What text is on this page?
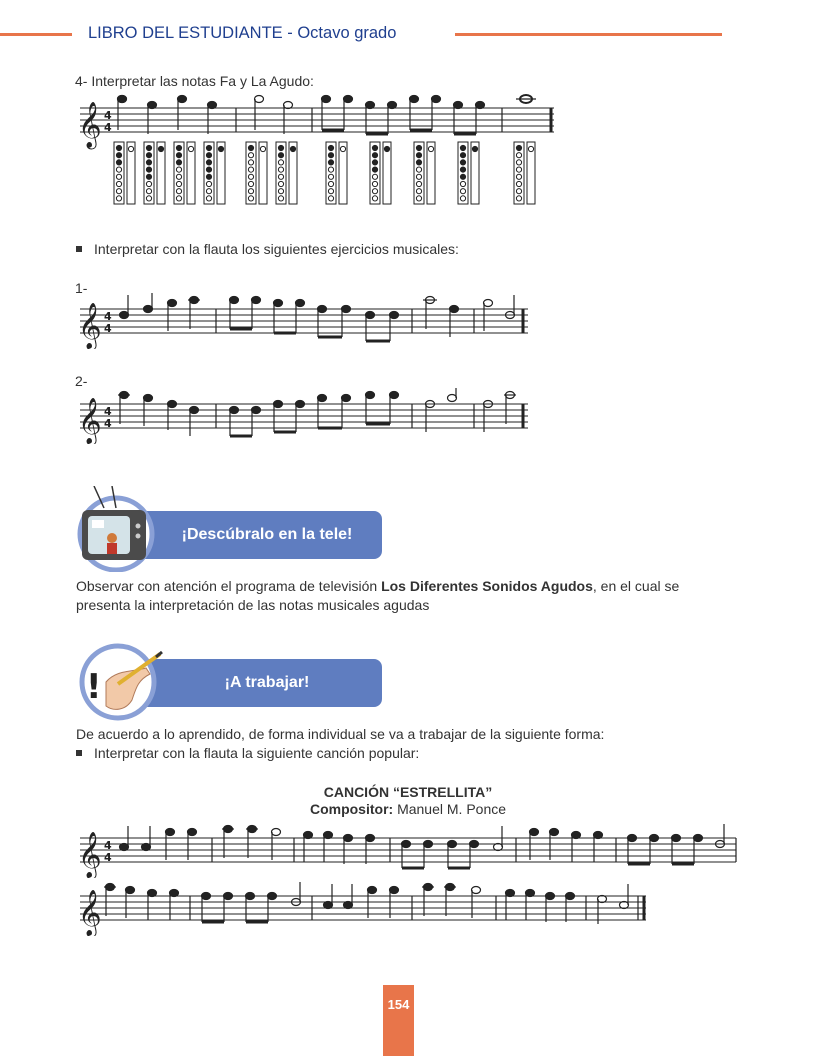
LIBRO DEL ESTUDIANTE - Octavo grado
4- Interpretar las notas Fa y La Agudo:
𝄞 4
4
Interpretar con la flauta los siguientes ejercicios musicales:
1-
𝄞 4
4
2-
𝄞 4
4
¡Descúbralo en la tele!
Observar con atención el programa de televisión Los Diferentes Sonidos Agudos, en el cual se presenta la interpretación de las notas musicales agudas
¡A trabajar!
!
De acuerdo a lo aprendido, de forma individual se va a trabajar de la siguiente forma:
Interpretar con la flauta la siguiente canción popular:
CANCIÓN “ESTRELLITA”
Compositor: Manuel M. Ponce
𝄞 4
4
𝄞
154
